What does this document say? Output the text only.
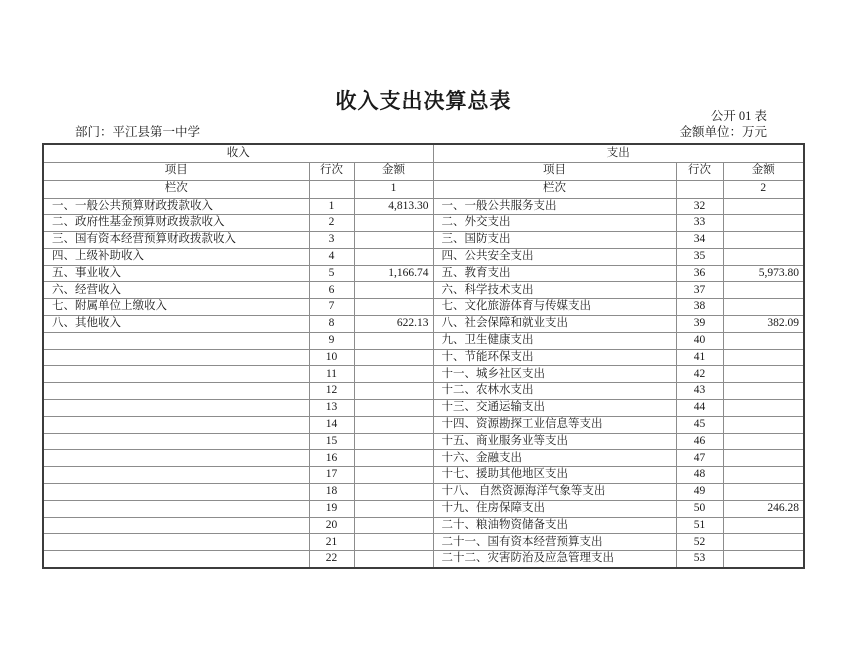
收入支出决算总表
公开 01 表
部门：平江县第一中学	金额单位：万元
收入			支出		
项目	行次	金额	项目	行次	金额
栏次		1	栏次		2
一、一般公共预算财政拨款收入	1	4,813.30	一、一般公共服务支出	32	
二、政府性基金预算财政拨款收入	2		二、外交支出	33	
三、国有资本经营预算财政拨款收入	3		三、国防支出	34	
四、上级补助收入	4		四、公共安全支出	35	
五、事业收入	5	1,166.74	五、教育支出	36	5,973.80
六、经营收入	6		六、科学技术支出	37	
七、附属单位上缴收入	7		七、文化旅游体育与传媒支出	38	
八、其他收入	8	622.13	八、社会保障和就业支出	39	382.09
	9		九、卫生健康支出	40	
	10		十、节能环保支出	41	
	11		十一、城乡社区支出	42	
	12		十二、农林水支出	43	
	13		十三、交通运输支出	44	
	14		十四、资源勘探工业信息等支出	45	
	15		十五、商业服务业等支出	46	
	16		十六、金融支出	47	
	17		十七、援助其他地区支出	48	
	18		十八、 自然资源海洋气象等支出	49	
	19		十九、住房保障支出	50	246.28
	20		二十、粮油物资储备支出	51	
	21		二十一、国有资本经营预算支出	52	
	22		二十二、灾害防治及应急管理支出	53	
